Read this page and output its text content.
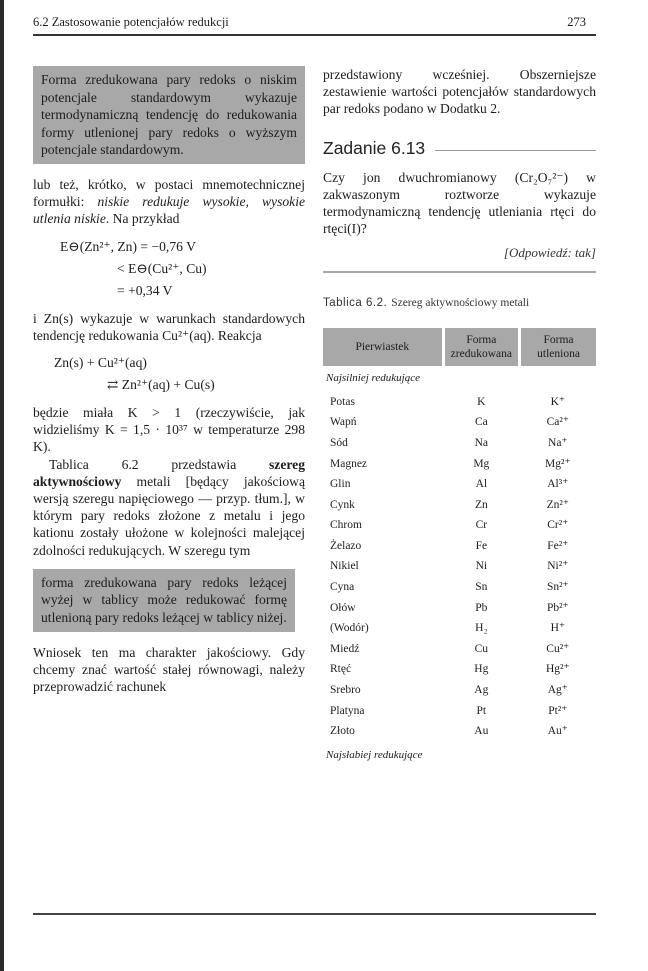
6.2 Zastosowanie potencjałów redukcji	273

Forma zredukowana pary redoks o niskim potencjale standardowym wykazuje termodynamiczną tendencję do redukowania formy utlenionej pary redoks o wyższym potencjale standardowym.

lub też, krótko, w postaci mnemotechnicznej formułki: niskie redukuje wysokie, wysokie utlenia niskie. Na przykład

E⊖(Zn²⁺, Zn) = −0,76 V
< E⊖(Cu²⁺, Cu)
= +0,34 V

i Zn(s) wykazuje w warunkach standardowych tendencję redukowania Cu²⁺(aq). Reakcja

Zn(s) + Cu²⁺(aq)
⇄ Zn²⁺(aq) + Cu(s)

będzie miała K > 1 (rzeczywiście, jak widzieliśmy K = 1,5 · 10³⁷ w temperaturze 298 K).

Tablica 6.2 przedstawia szereg aktywnościowy metali [będący jakościową wersją szeregu napięciowego — przyp. tłum.], w którym pary redoks złożone z metalu i jego kationu zostały ułożone w kolejności malejącej zdolności redukujących. W szeregu tym

forma zredukowana pary redoks leżącej wyżej w tablicy może redukować formę utlenioną pary redoks leżącej w tablicy niżej.

Wniosek ten ma charakter jakościowy. Gdy chcemy znać wartość stałej równowagi, należy przeprowadzić rachunek

przedstawiony wcześniej. Obszerniejsze zestawienie wartości potencjałów standardowych par redoks podano w Dodatku 2.

Zadanie 6.13

Czy jon dwuchromianowy (Cr₂O₇²⁻) w zakwaszonym roztworze wykazuje termodynamiczną tendencję utleniania rtęci do rtęci(I)?

[Odpowiedź: tak]
Tablica 6.2. Szereg aktywnościowy metali
Pierwiastek	Forma zredukowana	Forma utleniona
Najsilniej redukujące		
Potas	K	K⁺
Wapń	Ca	Ca²⁺
Sód	Na	Na⁺
Magnez	Mg	Mg²⁺
Glin	Al	Al³⁺
Cynk	Zn	Zn²⁺
Chrom	Cr	Cr²⁺
Żelazo	Fe	Fe²⁺
Nikiel	Ni	Ni²⁺
Cyna	Sn	Sn²⁺
Ołów	Pb	Pb²⁺
(Wodór)	H₂	H⁺
Miedź	Cu	Cu²⁺
Rtęć	Hg	Hg²⁺
Srebro	Ag	Ag⁺
Platyna	Pt	Pt²⁺
Złoto	Au	Au⁺
Najsłabiej redukujące		
